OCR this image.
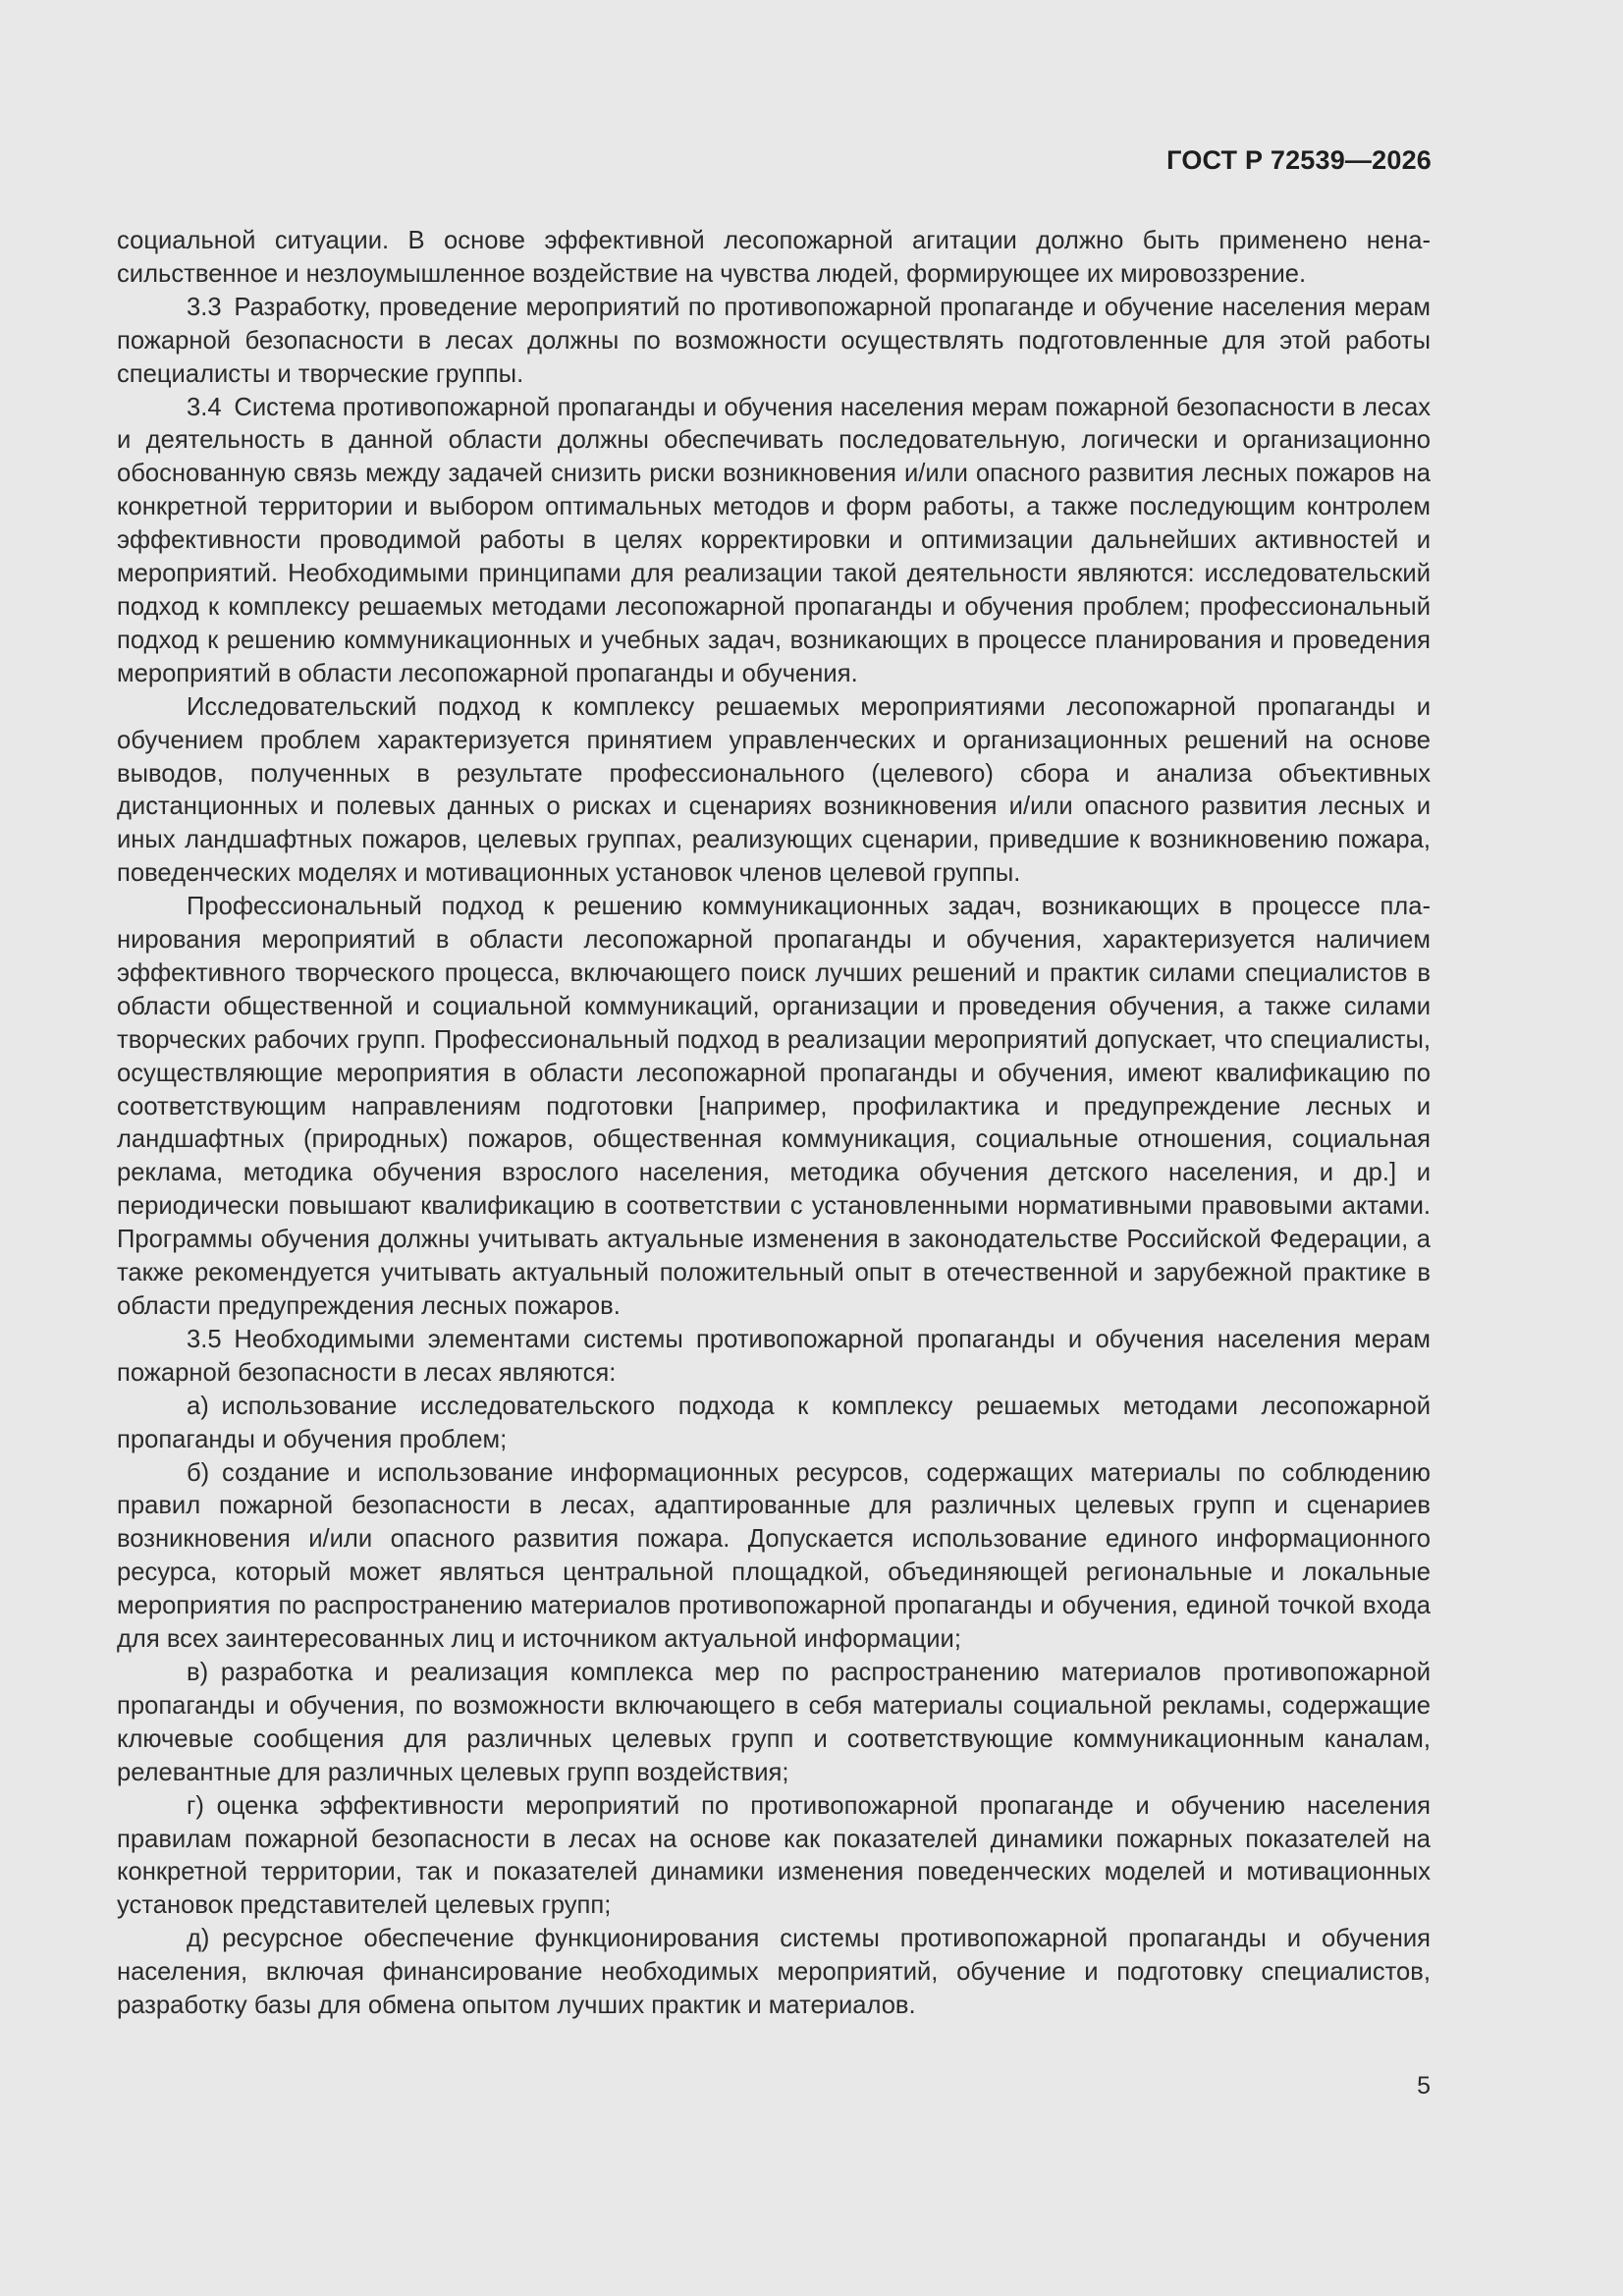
ГОСТ Р 72539—2026

социальной ситуации. В основе эффективной лесопожарной агитации должно быть применено ненасильственное и незлоумышленное воздействие на чувства людей, формирующее их мировоззрение.

3.3 Разработку, проведение мероприятий по противопожарной пропаганде и обучение населения мерам пожарной безопасности в лесах должны по возможности осуществлять подготовленные для этой работы специалисты и творческие группы.

3.4 Система противопожарной пропаганды и обучения населения мерам пожарной безопасности в лесах и деятельность в данной области должны обеспечивать последовательную, логически и организационно обоснованную связь между задачей снизить риски возникновения и/или опасного развития лесных пожаров на конкретной территории и выбором оптимальных методов и форм работы, а также последующим контролем эффективности проводимой работы в целях корректировки и оптимизации дальнейших активностей и мероприятий. Необходимыми принципами для реализации такой деятельности являются: исследовательский подход к комплексу решаемых методами лесопожарной пропаганды и обучения проблем; профессиональный подход к решению коммуникационных и учебных задач, возникающих в процессе планирования и проведения мероприятий в области лесопожарной пропаганды и обучения.

Исследовательский подход к комплексу решаемых мероприятиями лесопожарной пропаганды и обучением проблем характеризуется принятием управленческих и организационных решений на основе выводов, полученных в результате профессионального (целевого) сбора и анализа объективных дистанционных и полевых данных о рисках и сценариях возникновения и/или опасного развития лесных и иных ландшафтных пожаров, целевых группах, реализующих сценарии, приведшие к возникновению пожара, поведенческих моделях и мотивационных установок членов целевой группы.

Профессиональный подход к решению коммуникационных задач, возникающих в процессе планирования мероприятий в области лесопожарной пропаганды и обучения, характеризуется наличием эффективного творческого процесса, включающего поиск лучших решений и практик силами специалистов в области общественной и социальной коммуникаций, организации и проведения обучения, а также силами творческих рабочих групп. Профессиональный подход в реализации мероприятий допускает, что специалисты, осуществляющие мероприятия в области лесопожарной пропаганды и обучения, имеют квалификацию по соответствующим направлениям подготовки [например, профилактика и предупреждение лесных и ландшафтных (природных) пожаров, общественная коммуникация, социальные отношения, социальная реклама, методика обучения взрослого населения, методика обучения детского населения, и др.] и периодически повышают квалификацию в соответствии с установленными нормативными правовыми актами. Программы обучения должны учитывать актуальные изменения в законодательстве Российской Федерации, а также рекомендуется учитывать актуальный положительный опыт в отечественной и зарубежной практике в области предупреждения лесных пожаров.

3.5 Необходимыми элементами системы противопожарной пропаганды и обучения населения мерам пожарной безопасности в лесах являются:

а) использование исследовательского подхода к комплексу решаемых методами лесопожарной пропаганды и обучения проблем;

б) создание и использование информационных ресурсов, содержащих материалы по соблюдению правил пожарной безопасности в лесах, адаптированные для различных целевых групп и сценариев возникновения и/или опасного развития пожара. Допускается использование единого информационного ресурса, который может являться центральной площадкой, объединяющей региональные и локальные мероприятия по распространению материалов противопожарной пропаганды и обучения, единой точкой входа для всех заинтересованных лиц и источником актуальной информации;

в) разработка и реализация комплекса мер по распространению материалов противопожарной пропаганды и обучения, по возможности включающего в себя материалы социальной рекламы, содержащие ключевые сообщения для различных целевых групп и соответствующие коммуникационным каналам, релевантные для различных целевых групп воздействия;

г) оценка эффективности мероприятий по противопожарной пропаганде и обучению населения правилам пожарной безопасности в лесах на основе как показателей динамики пожарных показателей на конкретной территории, так и показателей динамики изменения поведенческих моделей и мотивационных установок представителей целевых групп;

д) ресурсное обеспечение функционирования системы противопожарной пропаганды и обучения населения, включая финансирование необходимых мероприятий, обучение и подготовку специалистов, разработку базы для обмена опытом лучших практик и материалов.

5
